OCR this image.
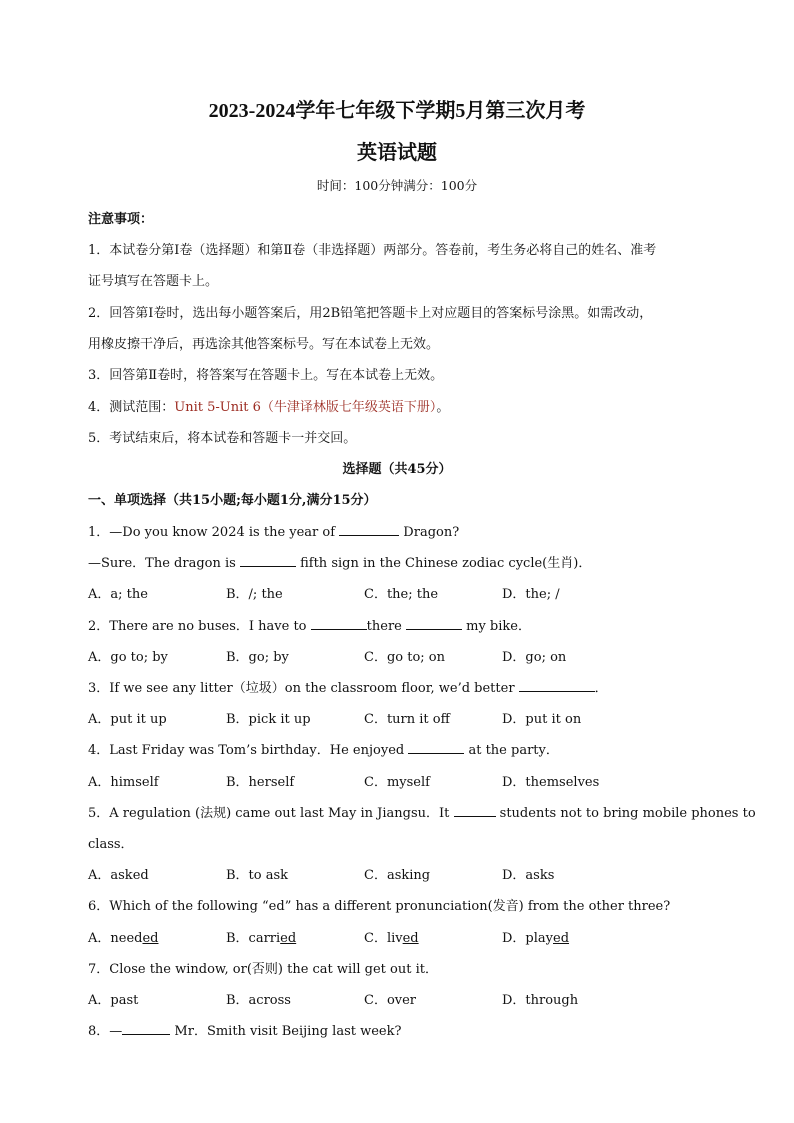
2023-2024学年七年级下学期5月第三次月考
英语试题
时间：100分钟满分：100分
注意事项：
1．本试卷分第Ⅰ卷（选择题）和第Ⅱ卷（非选择题）两部分。答卷前，考生务必将自己的姓名、准考
证号填写在答题卡上。
2．回答第Ⅰ卷时，选出每小题答案后，用2B铅笔把答题卡上对应题目的答案标号涂黑。如需改动，
用橡皮擦干净后，再选涂其他答案标号。写在本试卷上无效。
3．回答第Ⅱ卷时，将答案写在答题卡上。写在本试卷上无效。
4．测试范围：Unit 5-Unit 6（牛津译林版七年级英语下册）。
5．考试结束后，将本试卷和答题卡一并交回。
选择题（共45分）
一、单项选择（共15小题;每小题1分,满分15分）
1．—Do you know 2024 is the year of	Dragon?
—Sure．The dragon is	fifth sign in the Chinese zodiac cycle(生肖)．
A．a; the	B．/; the	C．the; the	D．the; /
2．There are no buses．I have to	there	my bike．
A．go to; by	B．go; by	C．go to; on	D．go; on
3．If we see any litter（垃圾）on the classroom floor, we’d better	．
A．put it up	B．pick it up	C．turn it off	D．put it on
4．Last Friday was Tom’s birthday．He enjoyed	at the party．
A．himself	B．herself	C．myself	D．themselves
5．A regulation (法规) came out last May in Jiangsu．It	students not to bring mobile phones to
class．
A．asked	B．to ask	C．asking	D．asks
6．Which of the following “ed” has a different pronunciation(发音) from the other three?
A．needed	B．carried	C．lived	D．played
7．Close the window, or(否则) the cat will get out it．
A．past	B．across	C．over	D．through
8．—	Mr．Smith visit Beijing last week?
